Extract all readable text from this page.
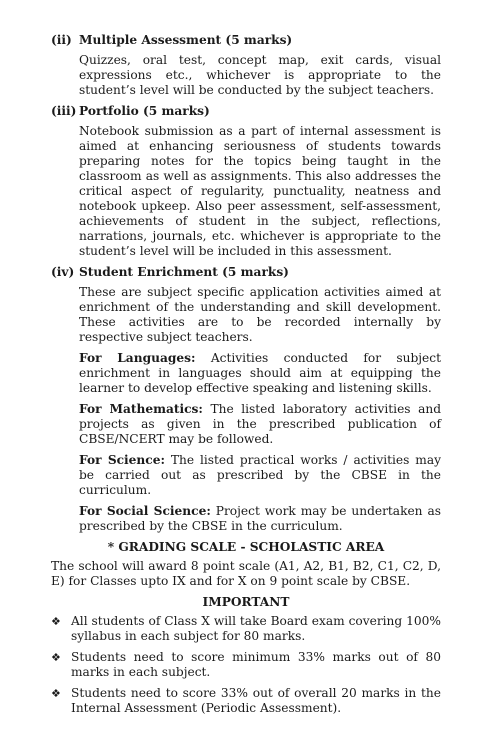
(ii) Multiple Assessment (5 marks)

Quizzes, oral test, concept map, exit cards, visual expressions etc., whichever is appropriate to the student’s level will be conducted by the subject teachers.

(iii) Portfolio (5 marks)

Notebook submission as a part of internal assessment is aimed at enhancing seriousness of students towards preparing notes for the topics being taught in the classroom as well as assignments. This also addresses the critical aspect of regularity, punctuality, neatness and notebook upkeep. Also peer assessment, self-assessment, achievements of student in the subject, reflections, narrations, journals, etc. whichever is appropriate to the student’s level will be included in this assessment.

(iv) Student Enrichment (5 marks)

These are subject specific application activities aimed at enrichment of the understanding and skill development. These activities are to be recorded internally by respective subject teachers.

For Languages: Activities conducted for subject enrichment in languages should aim at equipping the learner to develop effective speaking and listening skills.

For Mathematics: The listed laboratory activities and projects as given in the prescribed publication of CBSE/NCERT may be followed.

For Science: The listed practical works / activities may be carried out as prescribed by the CBSE in the curriculum.

For Social Science: Project work may be undertaken as prescribed by the CBSE in the curriculum.

* GRADING SCALE - SCHOLASTIC AREA

The school will award 8 point scale (A1, A2, B1, B2, C1, C2, D, E) for Classes upto IX and for X on 9 point scale by CBSE.

IMPORTANT
❖ All students of Class X will take Board exam covering 100% syllabus in each subject for 80 marks.
❖ Students need to score minimum 33% marks out of 80 marks in each subject.
❖ Students need to score 33% out of overall 20 marks in the Internal Assessment (Periodic Assessment).
